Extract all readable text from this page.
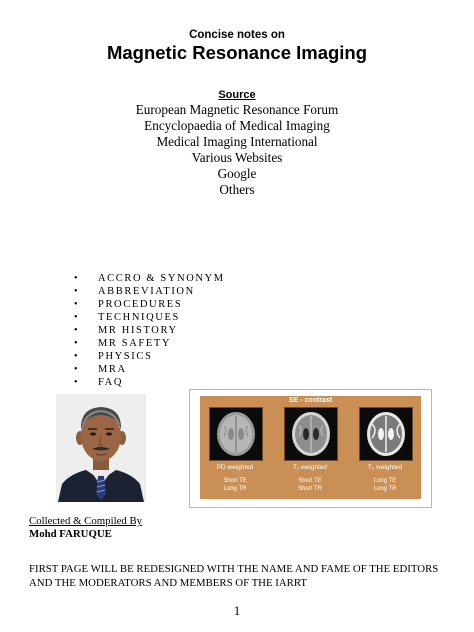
Concise notes on
Magnetic Resonance Imaging
Source
European Magnetic Resonance Forum
Encyclopaedia of Medical Imaging
Medical Imaging International
Various Websites
Google
Others
• ACCRO & SYNONYM
• ABBREVIATION
• PROCEDURES
• TECHNIQUES
• MR HISTORY
• MR SAFETY
• PHYSICS
• MRA
• FAQ
SE - contrast
PD weighted	T₁ weighted	T₂ weighted
Short TE
Long TR
Short TE
Short TR
Long TE
Long TR
Collected & Compiled By
Mohd FARUQUE
FIRST PAGE WILL BE REDESIGNED WITH THE NAME AND FAME OF THE EDITORS AND THE MODERATORS AND MEMBERS OF THE IARRT
1
